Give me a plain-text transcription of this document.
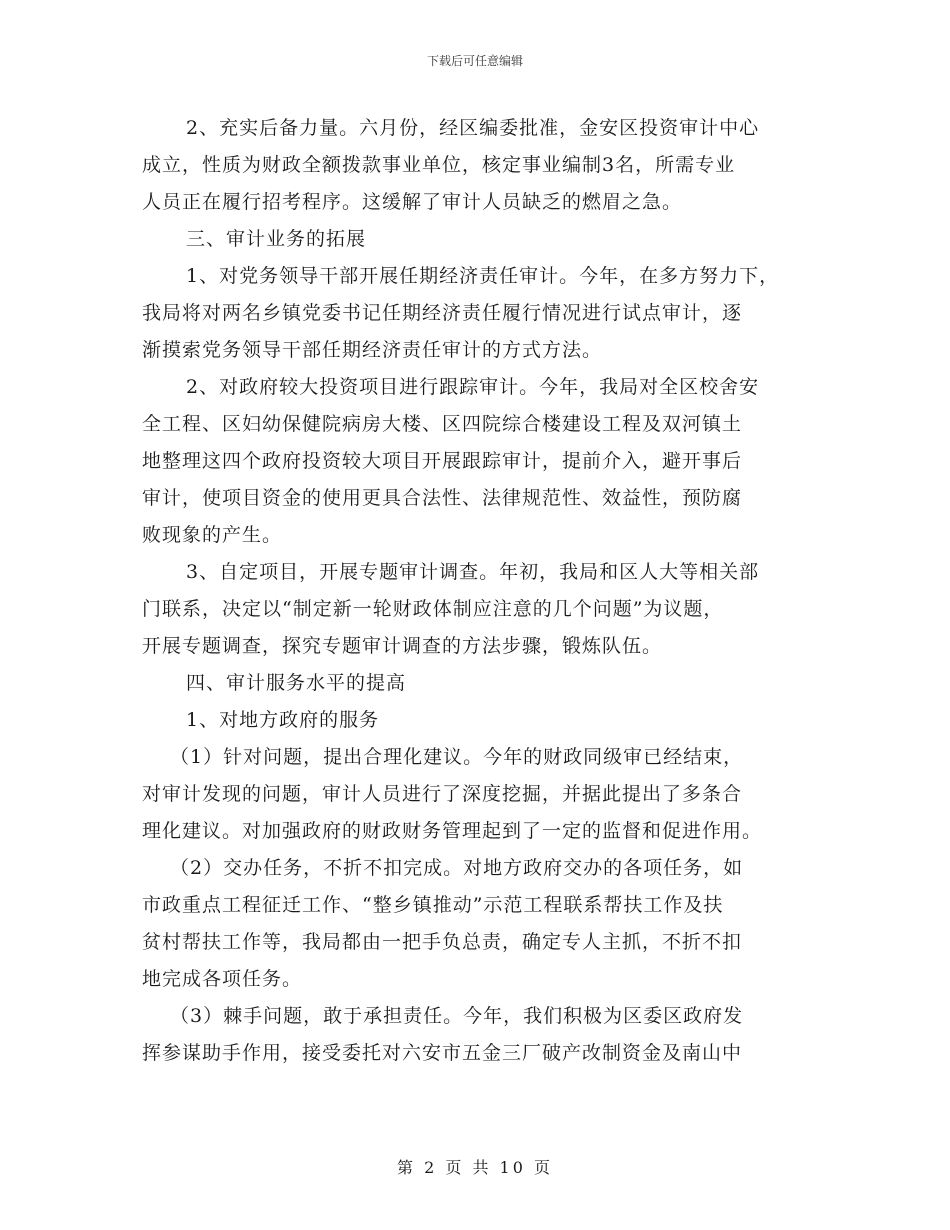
下载后可任意编辑
2、充实后备力量。六月份，经区编委批准，金安区投资审计中心
成立，性质为财政全额拨款事业单位，核定事业编制3名，所需专业
人员正在履行招考程序。这缓解了审计人员缺乏的燃眉之急。
三、审计业务的拓展
1、对党务领导干部开展任期经济责任审计。今年，在多方努力下，
我局将对两名乡镇党委书记任期经济责任履行情况进行试点审计，逐
渐摸索党务领导干部任期经济责任审计的方式方法。
2、对政府较大投资项目进行跟踪审计。今年，我局对全区校舍安
全工程、区妇幼保健院病房大楼、区四院综合楼建设工程及双河镇土
地整理这四个政府投资较大项目开展跟踪审计，提前介入，避开事后
审计，使项目资金的使用更具合法性、法律规范性、效益性，预防腐
败现象的产生。
3、自定项目，开展专题审计调查。年初，我局和区人大等相关部
门联系，决定以“制定新一轮财政体制应注意的几个问题”为议题，
开展专题调查，探究专题审计调查的方法步骤，锻炼队伍。
四、审计服务水平的提高
1、对地方政府的服务
（1）针对问题，提出合理化建议。今年的财政同级审已经结束，
对审计发现的问题，审计人员进行了深度挖掘，并据此提出了多条合
理化建议。对加强政府的财政财务管理起到了一定的监督和促进作用。
（2）交办任务，不折不扣完成。对地方政府交办的各项任务，如
市政重点工程征迁工作、“整乡镇推动”示范工程联系帮扶工作及扶
贫村帮扶工作等，我局都由一把手负总责，确定专人主抓，不折不扣
地完成各项任务。
（3）棘手问题，敢于承担责任。今年，我们积极为区委区政府发
挥参谋助手作用，接受委托对六安市五金三厂破产改制资金及南山中
第 2 页 共 10 页
